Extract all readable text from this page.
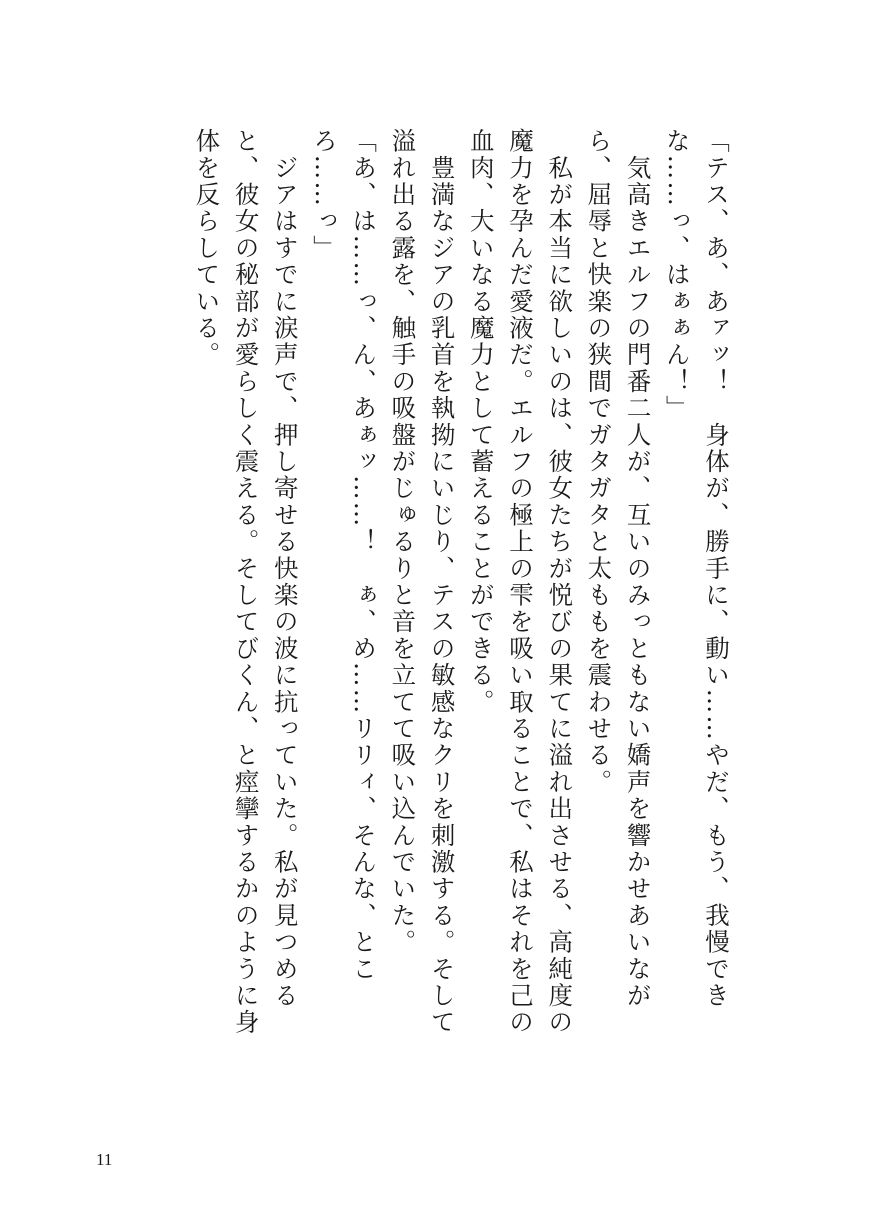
「テス、あ、あァッ！　身体が、勝手に、動い……やだ、もう、我慢できな……っ、はぁぁん！」

　気高きエルフの門番二人が、互いのみっともない嬌声を響かせあいながら、屈辱と快楽の狭間でガタガタと太ももを震わせる。

　私が本当に欲しいのは、彼女たちが悦びの果てに溢れ出させる、高純度の魔力を孕んだ愛液だ。エルフの極上の雫を吸い取ることで、私はそれを己の血肉、大いなる魔力として蓄えることができる。

　豊満なジアの乳首を執拗にいじり、テスの敏感なクリを刺激する。そして溢れ出る露を、触手の吸盤がじゅるりと音を立てて吸い込んでいた。

「あ、は……っ、ん、あぁッ……！　ぁ、め……リリィ、そんな、ところ……っ」

　ジアはすでに涙声で、押し寄せる快楽の波に抗っていた。私が見つめると、彼女の秘部が愛らしく震える。そしてびくん、と痙攣するかのように身体を反らしている。

11
